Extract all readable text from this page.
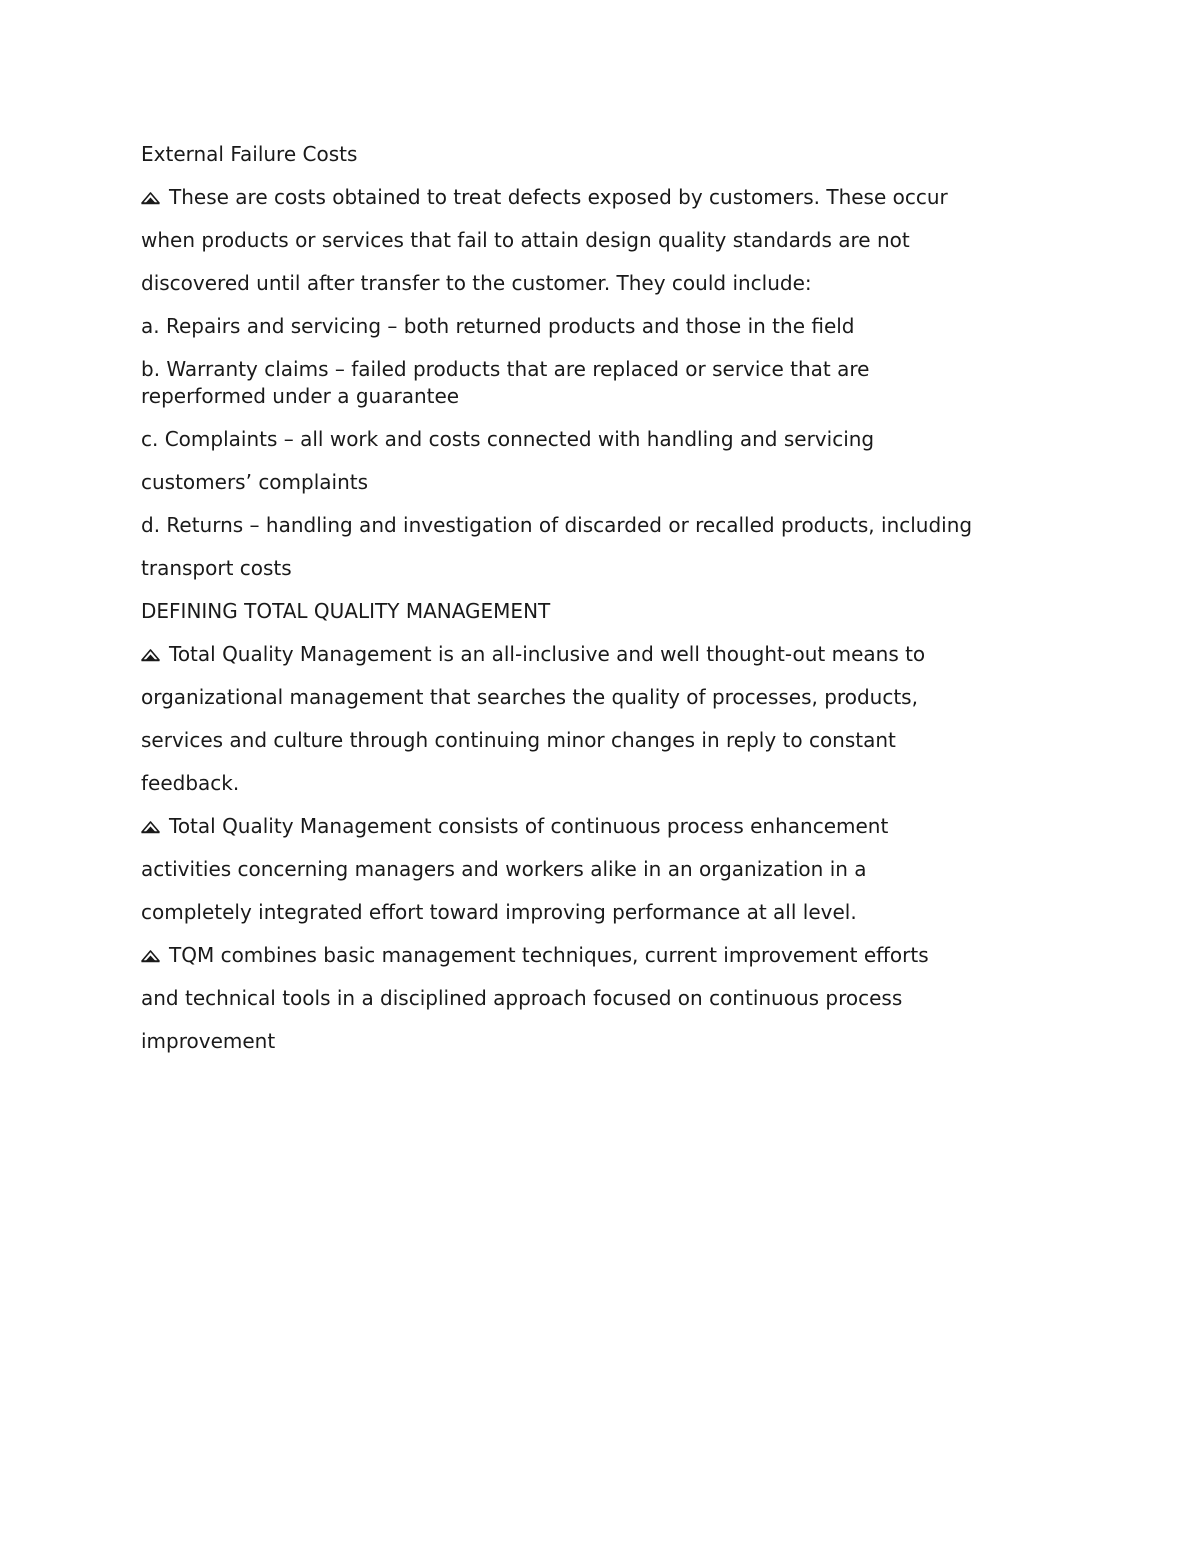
External Failure Costs
These are costs obtained to treat defects exposed by customers. These occur
when products or services that fail to attain design quality standards are not
discovered until after transfer to the customer. They could include:
a. Repairs and servicing – both returned products and those in the field
b. Warranty claims – failed products that are replaced or service that are
reperformed under a guarantee
c. Complaints – all work and costs connected with handling and servicing
customers’ complaints
d. Returns – handling and investigation of discarded or recalled products, including
transport costs
DEFINING TOTAL QUALITY MANAGEMENT
Total Quality Management is an all-inclusive and well thought-out means to
organizational management that searches the quality of processes, products,
services and culture through continuing minor changes in reply to constant
feedback.
Total Quality Management consists of continuous process enhancement
activities concerning managers and workers alike in an organization in a
completely integrated effort toward improving performance at all level.
TQM combines basic management techniques, current improvement efforts
and technical tools in a disciplined approach focused on continuous process
improvement
